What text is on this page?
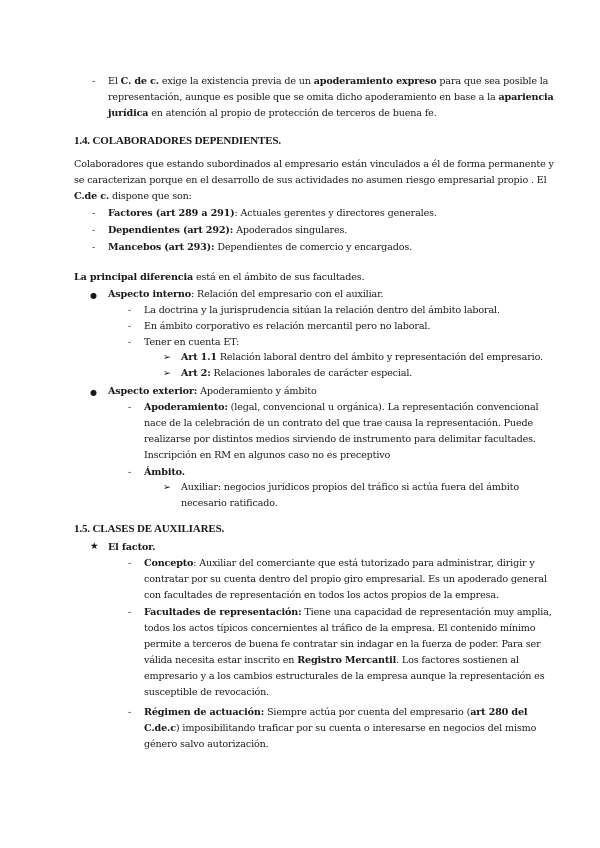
- El C. de c. exige la existencia previa de un apoderamiento expreso para que sea posible la
representación, aunque es posible que se omita dicho apoderamiento en base a la apariencia
jurídica en atención al propio de protección de terceros de buena fe.
1.4. COLABORADORES DEPENDIENTES.
Colaboradores que estando subordinados al empresario están vinculados a él de forma permanente y
se caracterizan porque en el desarrollo de sus actividades no asumen riesgo empresarial propio . El
C.de c. dispone que son:
- Factores (art 289 a 291): Actuales gerentes y directores generales.
- Dependientes (art 292): Apoderados singulares.
- Mancebos (art 293): Dependientes de comercio y encargados.
La principal diferencia está en el ámbito de sus facultades.
● Aspecto interno: Relación del empresario con el auxiliar.
- La doctrina y la jurisprudencia sitúan la relación dentro del ámbito laboral.
- En ámbito corporativo es relación mercantil pero no laboral.
- Tener en cuenta ET:
➢ Art 1.1 Relación laboral dentro del ámbito y representación del empresario.
➢ Art 2: Relaciones laborales de carácter especial.
● Aspecto exterior: Apoderamiento y ámbito
- Apoderamiento: (legal, convencional u orgánica). La representación convencional
nace de la celebración de un contrato del que trae causa la representación. Puede
realizarse por distintos medios sirviendo de instrumento para delimitar facultades.
Inscripción en RM en algunos caso no es preceptivo
- Ámbito.
➢ Auxiliar: negocios jurídicos propios del tráfico si actúa fuera del ámbito
necesario ratificado.
1.5. CLASES DE AUXILIARES.
★ El factor.
- Concepto: Auxiliar del comerciante que está tutorizado para administrar, dirigir y
contratar por su cuenta dentro del propio giro empresarial. Es un apoderado general
con facultades de representación en todos los actos propios de la empresa.
- Facultades de representación: Tiene una capacidad de representación muy amplia,
todos los actos típicos concernientes al tráfico de la empresa. El contenido mínimo
permite a terceros de buena fe contratar sin indagar en la fuerza de poder. Para ser
válida necesita estar inscrito en Registro Mercantil. Los factores sostienen al
empresario y a los cambios estructurales de la empresa aunque la representación es
susceptible de revocación.
- Régimen de actuación: Siempre actúa por cuenta del empresario (art 280 del
C.de.c) imposibilitando traficar por su cuenta o interesarse en negocios del mismo
género salvo autorización.
